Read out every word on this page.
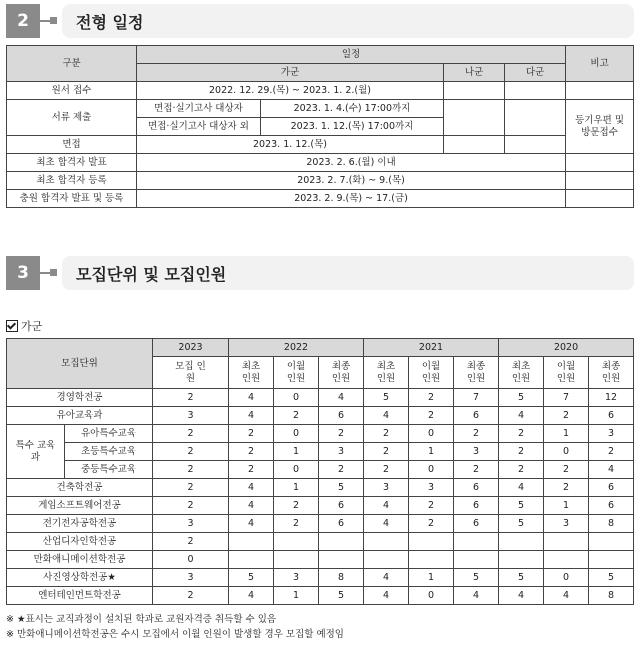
2	전형 일정
구분	일정				비고
	가군		나군	다군	
원서 접수	2022. 12. 29.(목) ~ 2023. 1. 2.(월)				
서류 제출	면접·실기고사 대상자	2023. 1. 4.(수) 17:00까지			등기우편 및 방문접수
	면접·실기고사 대상자 외	2023. 1. 12.(목) 17:00까지			
면접	2023. 1. 12.(목)				
최초 합격자 발표	2023. 2. 6.(월) 이내				
최초 합격자 등록	2023. 2. 7.(화) ~ 9.(목)				
충원 합격자 발표 및 등록	2023. 2. 9.(목) ~ 17.(금)				
3	모집단위 및 모집인원
가군
모집단위		2023	2022			2021			2020		
		모집 인원	최초 인원	이월 인원	최종 인원	최초 인원	이월 인원	최종 인원	최초 인원	이월 인원	최종 인원
경영학전공		2	4	0	4	5	2	7	5	7	12
유아교육과		3	4	2	6	4	2	6	4	2	6
특수 교육과	유아특수교육	2	2	0	2	2	0	2	2	1	3
	초등특수교육	2	2	1	3	2	1	3	2	0	2
	중등특수교육	2	2	0	2	2	0	2	2	2	4
건축학전공		2	4	1	5	3	3	6	4	2	6
게임소프트웨어전공		2	4	2	6	4	2	6	5	1	6
전기전자공학전공		3	4	2	6	4	2	6	5	3	8
산업디자인학전공		2									
만화애니메이션학전공		0									
사진영상학전공★		3	5	3	8	4	1	5	5	0	5
엔터테인먼트학전공		2	4	1	5	4	0	4	4	4	8
※ ★표시는 교직과정이 설치된 학과로 교원자격증 취득할 수 있음
※ 만화애니메이션학전공은 수시 모집에서 이월 인원이 발생할 경우 모집할 예정임
